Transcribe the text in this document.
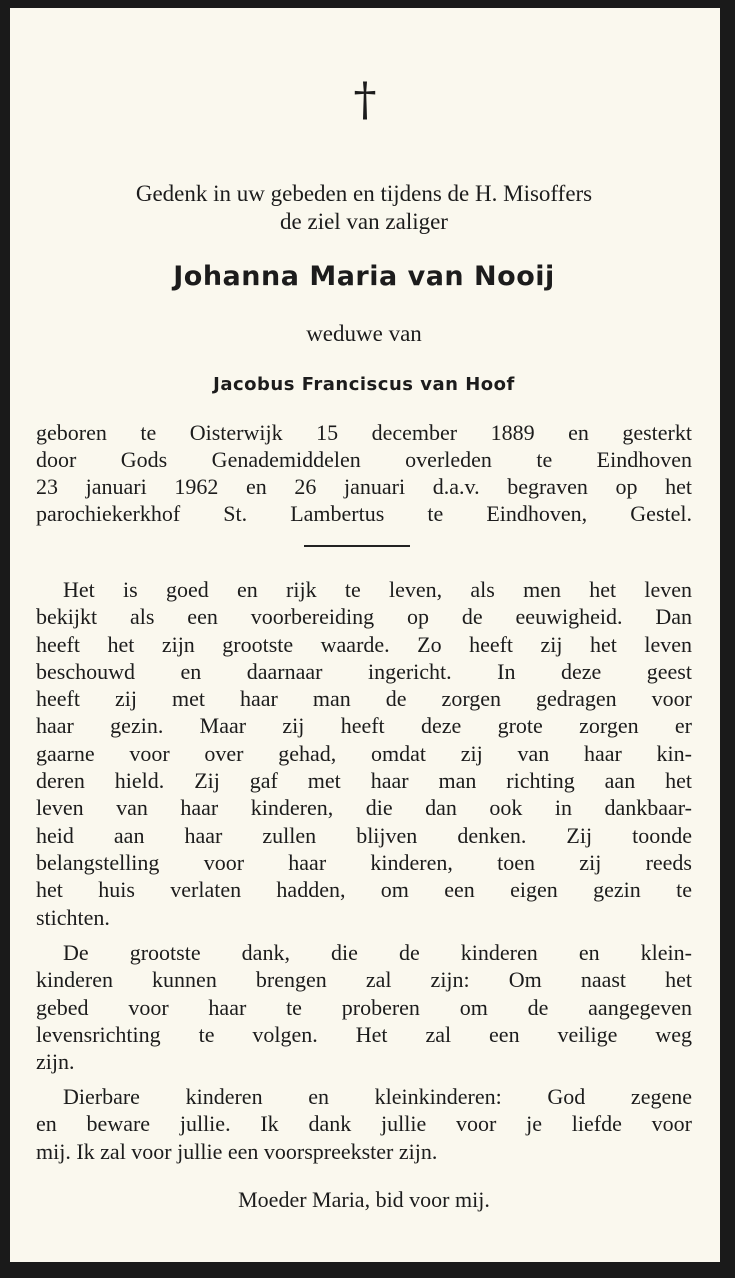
†
Gedenk in uw gebeden en tijdens de H. Misoffers
de ziel van zaliger
Johanna Maria van Nooij
weduwe van
Jacobus Franciscus van Hoof
geboren te Oisterwijk 15 december 1889 en gesterkt
door Gods Genademiddelen overleden te Eindhoven
23 januari 1962 en 26 januari d.a.v. begraven op het
parochiekerkhof St. Lambertus te Eindhoven, Gestel.
Het is goed en rijk te leven, als men het leven
bekijkt als een voorbereiding op de eeuwigheid. Dan
heeft het zijn grootste waarde. Zo heeft zij het leven
beschouwd en daarnaar ingericht. In deze geest
heeft zij met haar man de zorgen gedragen voor
haar gezin. Maar zij heeft deze grote zorgen er
gaarne voor over gehad, omdat zij van haar kin-
deren hield. Zij gaf met haar man richting aan het
leven van haar kinderen, die dan ook in dankbaar-
heid aan haar zullen blijven denken. Zij toonde
belangstelling voor haar kinderen, toen zij reeds
het huis verlaten hadden, om een eigen gezin te
stichten.
De grootste dank, die de kinderen en klein-
kinderen kunnen brengen zal zijn: Om naast het
gebed voor haar te proberen om de aangegeven
levensrichting te volgen. Het zal een veilige weg
zijn.
Dierbare kinderen en kleinkinderen: God zegene
en beware jullie. Ik dank jullie voor je liefde voor
mij. Ik zal voor jullie een voorspreekster zijn.
Moeder Maria, bid voor mij.
